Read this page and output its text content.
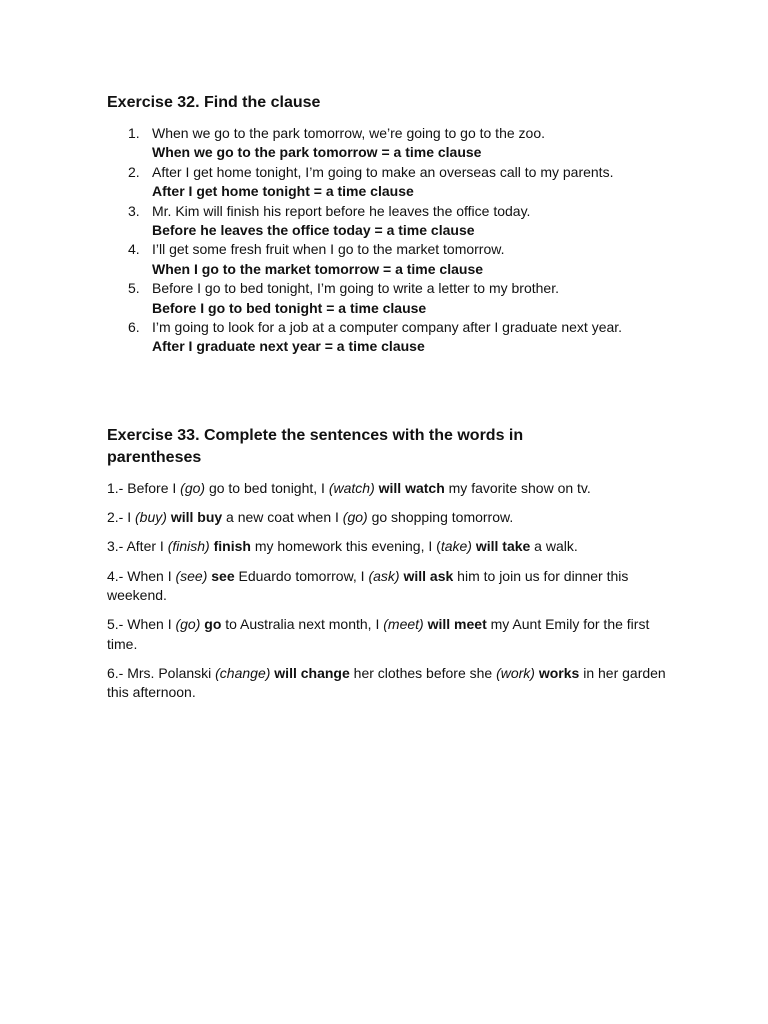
Exercise 32. Find the clause
1. When we go to the park tomorrow, we’re going to go to the zoo.
When we go to the park tomorrow = a time clause
2. After I get home tonight, I’m going to make an overseas call to my parents.
After I get home tonight = a time clause
3. Mr. Kim will finish his report before he leaves the office today.
Before he leaves the office today = a time clause
4. I’ll get some fresh fruit when I go to the market tomorrow.
When I go to the market tomorrow = a time clause
5. Before I go to bed tonight, I’m going to write a letter to my brother.
Before I go to bed tonight = a time clause
6. I’m going to look for a job at a computer company after I graduate next year.
After I graduate next year = a time clause
Exercise 33. Complete the sentences with the words in parentheses

1.- Before I (go) go to bed tonight, I (watch) will watch my favorite show on tv.

2.- I (buy) will buy a new coat when I (go) go shopping tomorrow.

3.- After I (finish) finish my homework this evening, I (take) will take a walk.

4.- When I (see) see Eduardo tomorrow, I (ask) will ask him to join us for dinner this weekend.

5.- When I (go) go to Australia next month, I (meet) will meet my Aunt Emily for the first time.

6.- Mrs. Polanski (change) will change her clothes before she (work) works in her garden this afternoon.
